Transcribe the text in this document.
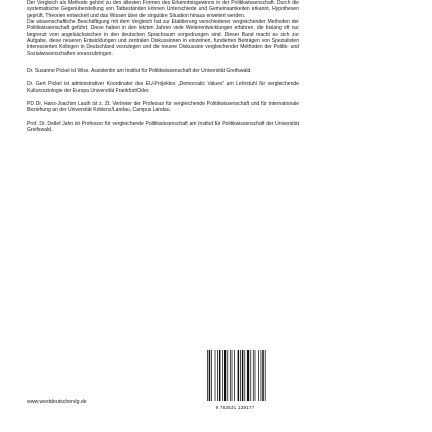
Der Vergleich als Methode gehört zu den ältesten Formen des Erkenntnisgewinns in der Politikwissenschaft. Durch die systematische Gegenüberstellung von Tatbeständen können Unterschiede und Gemeinsamkeiten erkannt, Hypothesen geprüft, Theorien entwickelt und das Wissen über die singuläre Situation hinaus erweitert werden.

Die wissenschaftliche Beschäftigung mit dem Vergleich hat zur Etablierung verschiedener vergleichender Methoden der Politikwissenschaft geführt. Diese haben in den letzten Jahren viele Weiterentwicklungen erfahren, die bislang oft nur begrenzt vom angelsächsischen in den deutschen Sprachraum vorgedrungen sind. Dieser Band macht es sich zur Aufgabe, diese neueren Entwicklungen und zentralen Diskussionen in einzelnen, fundierten Beiträgen von Spezialisten interessierten Kollegen in Deutschland vorzulegen und die neuere Diskussion vergleichender Methoden der Politik- und Sozialwissenschaften voranzubringen.

Dr. Susanne Pickel ist Wiss. Assistentin am Institut für Politikwissenschaft der Universität Greifswald.

Dr. Gert Pickel ist administrativer Koordinator des EU-Projektes „Democratic Values“ am Lehrstuhl für vergleichende Kultursoziologie der Europa Universität Frankfurt/Oder.

PD Dr. Hans-Joachim Lauth ist z. Zt. Vertreter der Professur für vergleichende Politikwissenschaft und für internationale Beziehung an der Universität Koblenz/Landau, Campus Landau.

Prof. Dr. Detlef Jahn ist Professor für vergleichende Politikwissenschaft am Institut für Politikwissenschaft der Universität Greifswald.

www.westdeutschervlg.de
9 783531 138177
